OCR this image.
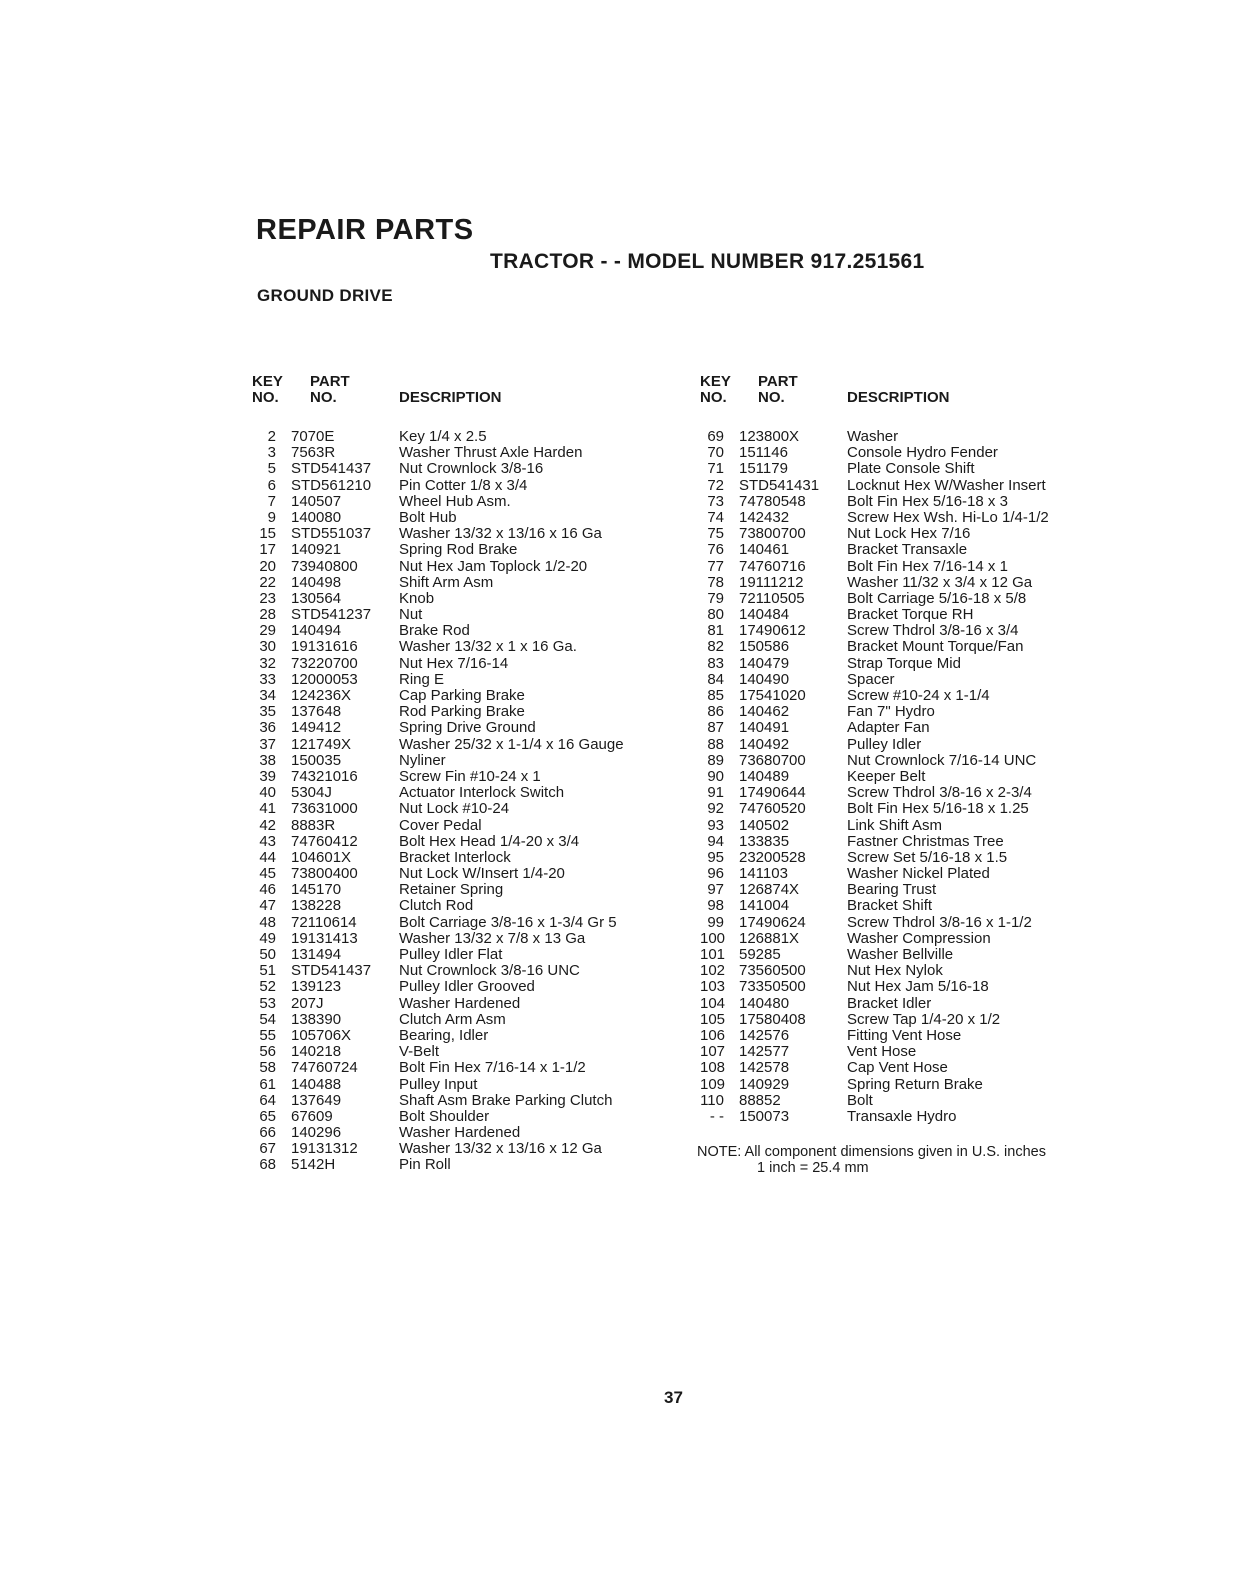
REPAIR PARTS
TRACTOR - - MODEL NUMBER 917.251561
GROUND DRIVE
KEY
NO.
PART
NO.	DESCRIPTION
2 7070E	Key 1/4 x 2.5
3 7563R	Washer Thrust Axle Harden
5 STD541437 Nut Crownlock 3/8-16
6 STD561210 Pin Cotter 1/8 x 3/4
7 140507	Wheel Hub Asm.
9 140080	Bolt Hub
15 STD551037 Washer 13/32 x 13/16 x 16 Ga
17 140921	Spring Rod Brake
20 73940800	Nut Hex Jam Toplock 1/2-20
22 140498	Shift Arm Asm
23 130564	Knob
28 STD541237 Nut
29 140494	Brake Rod
30 19131616	Washer 13/32 x 1 x 16 Ga.
32 73220700	Nut Hex 7/16-14
33 12000053	Ring E
34 124236X	Cap Parking Brake
35 137648	Rod Parking Brake
36 149412	Spring Drive Ground
37 121749X	Washer 25/32 x 1-1/4 x 16 Gauge
38 150035	Nyliner
39 74321016	Screw Fin #10-24 x 1
40 5304J	Actuator Interlock Switch
41 73631000	Nut Lock #10-24
42 8883R	Cover Pedal
43 74760412	Bolt Hex Head 1/4-20 x 3/4
44 104601X	Bracket Interlock
45 73800400	Nut Lock W/Insert 1/4-20
46 145170	Retainer Spring
47 138228	Clutch Rod
48 72110614	Bolt Carriage 3/8-16 x 1-3/4 Gr 5
49 19131413	Washer 13/32 x 7/8 x 13 Ga
50 131494	Pulley Idler Flat
51 STD541437 Nut Crownlock 3/8-16 UNC
52 139123	Pulley Idler Grooved
53 207J	Washer Hardened
54 138390	Clutch Arm Asm
55 105706X	Bearing, Idler
56 140218	V-Belt
58 74760724	Bolt Fin Hex 7/16-14 x 1-1/2
61 140488	Pulley Input
64 137649	Shaft Asm Brake Parking Clutch
65 67609	Bolt Shoulder
66 140296	Washer Hardened
67 19131312	Washer 13/32 x 13/16 x 12 Ga
68 5142H	Pin Roll
KEY
NO.
PART
NO.	DESCRIPTION
69 123800X	Washer
70 151146	Console Hydro Fender
71 151179	Plate Console Shift
72 STD541431 Locknut Hex W/Washer Insert
73 74780548	Bolt Fin Hex 5/16-18 x 3
74 142432	Screw Hex Wsh. Hi-Lo 1/4-1/2
75 73800700	Nut Lock Hex 7/16
76 140461	Bracket Transaxle
77 74760716	Bolt Fin Hex 7/16-14 x 1
78 19111212	Washer 11/32 x 3/4 x 12 Ga
79 72110505	Bolt Carriage 5/16-18 x 5/8
80 140484	Bracket Torque RH
81 17490612	Screw Thdrol 3/8-16 x 3/4
82 150586	Bracket Mount Torque/Fan
83 140479	Strap Torque Mid
84 140490	Spacer
85 17541020	Screw #10-24 x 1-1/4
86 140462	Fan 7" Hydro
87 140491	Adapter Fan
88 140492	Pulley Idler
89 73680700	Nut Crownlock 7/16-14 UNC
90 140489	Keeper Belt
91 17490644	Screw Thdrol 3/8-16 x 2-3/4
92 74760520	Bolt Fin Hex 5/16-18 x 1.25
93 140502	Link Shift Asm
94 133835	Fastner Christmas Tree
95 23200528	Screw Set 5/16-18 x 1.5
96 141103	Washer Nickel Plated
97 126874X	Bearing Trust
98 141004	Bracket Shift
99 17490624	Screw Thdrol 3/8-16 x 1-1/2
100 126881X	Washer Compression
101 59285	Washer Bellville
102 73560500	Nut Hex Nylok
103 73350500	Nut Hex Jam 5/16-18
104 140480	Bracket Idler
105 17580408	Screw Tap 1/4-20 x 1/2
106 142576	Fitting Vent Hose
107 142577	Vent Hose
108 142578	Cap Vent Hose
109 140929	Spring Return Brake
110 88852	Bolt
- - 150073	Transaxle Hydro
NOTE: All component dimensions given in U.S. inches
1 inch = 25.4 mm
37
